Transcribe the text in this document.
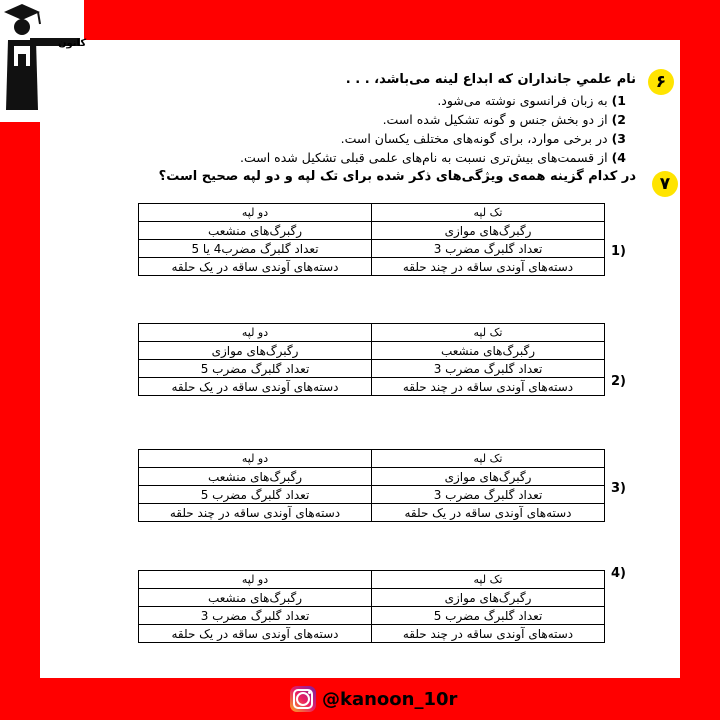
کانون
۶
نام علمیِ جانداران که ابداع لینه می‌باشد، . . .
1)به زبان فرانسوی نوشته می‌شود.
2)از دو بخش جنس و گونه تشکیل شده است.
3)در برخی موارد، برای گونه‌های مختلف یکسان است.
4)از قسمت‌های بیش‌تری نسبت به نام‌های علمی قبلی تشکیل شده است.
۷
در کدام گزینه همه‌ی ویژگی‌های ذکر شده برای تک لپه و دو لپه صحیح است؟
1)
تک لپه	دو لپه
رگبرگ‌های موازی	رگبرگ‌های منشعب
تعداد گلبرگ مضرب 3	تعداد گلبرگ مضرب4 یا 5
دسته‌های آوندی ساقه در چند حلقه	دسته‌های آوندی ساقه در یک حلقه
2)
تک لپه	دو لپه
رگبرگ‌های منشعب	رگبرگ‌های موازی
تعداد گلبرگ مضرب 3	تعداد گلبرگ مضرب 5
دسته‌های آوندی ساقه در چند حلقه	دسته‌های آوندی ساقه در یک حلقه
3)
تک لپه	دو لپه
رگبرگ‌های موازی	رگبرگ‌های منشعب
تعداد گلبرگ مضرب 3	تعداد گلبرگ مضرب 5
دسته‌های آوندی ساقه در یک حلقه	دسته‌های آوندی ساقه در چند حلقه
4)
تک لپه	دو لپه
رگبرگ‌های موازی	رگبرگ‌های منشعب
تعداد گلبرگ مضرب 5	تعداد گلبرگ مضرب 3
دسته‌های آوندی ساقه در چند حلقه	دسته‌های آوندی ساقه در یک حلقه
@kanoon_10r
